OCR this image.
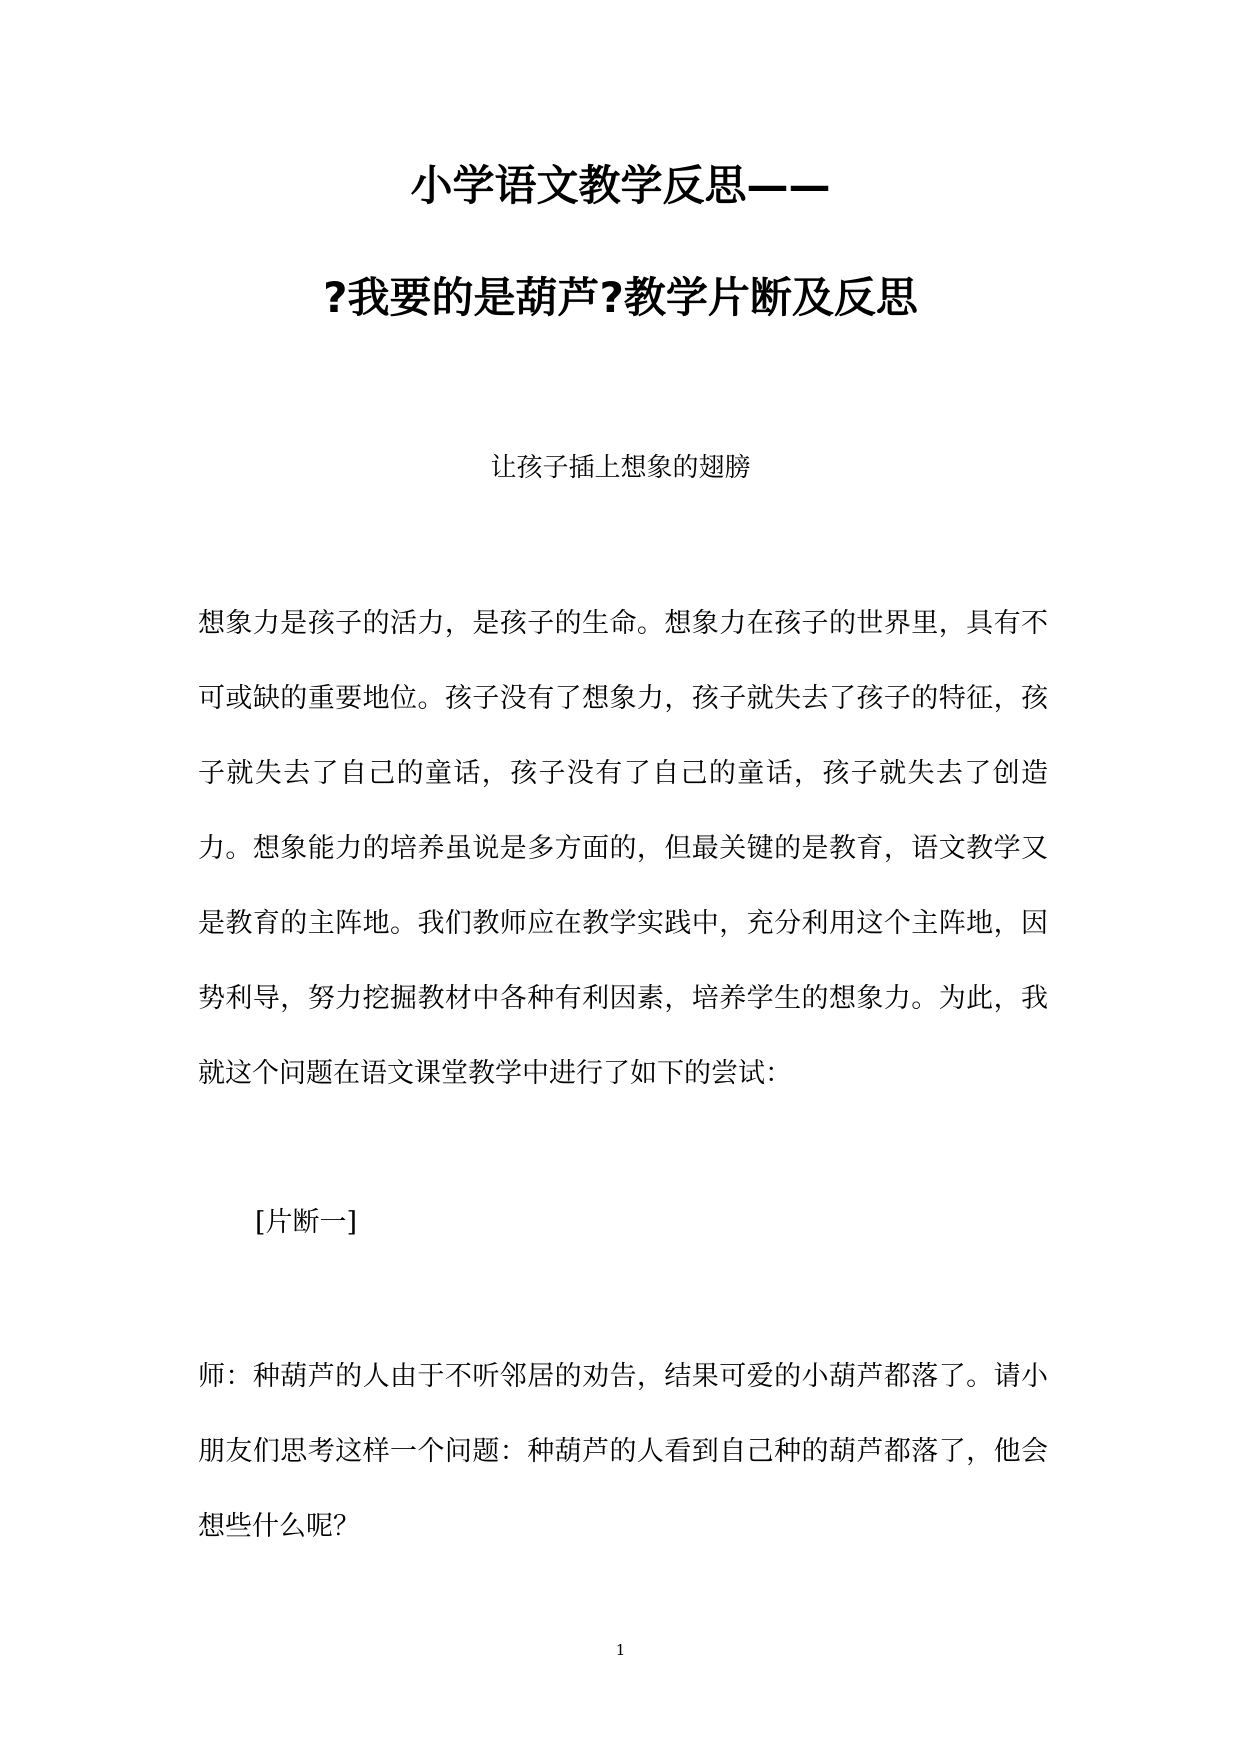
小学语文教学反思——
?我要的是葫芦?教学片断及反思

让孩子插上想象的翅膀

想象力是孩子的活力，是孩子的生命。想象力在孩子的世界里，具有不可或缺的重要地位。孩子没有了想象力，孩子就失去了孩子的特征，孩子就失去了自己的童话，孩子没有了自己的童话，孩子就失去了创造力。想象能力的培养虽说是多方面的，但最关键的是教育，语文教学又是教育的主阵地。我们教师应在教学实践中，充分利用这个主阵地，因势利导，努力挖掘教材中各种有利因素，培养学生的想象力。为此，我就这个问题在语文课堂教学中进行了如下的尝试：

[片断一]

师：种葫芦的人由于不听邻居的劝告，结果可爱的小葫芦都落了。请小朋友们思考这样一个问题：种葫芦的人看到自己种的葫芦都落了，他会想些什么呢？

1
